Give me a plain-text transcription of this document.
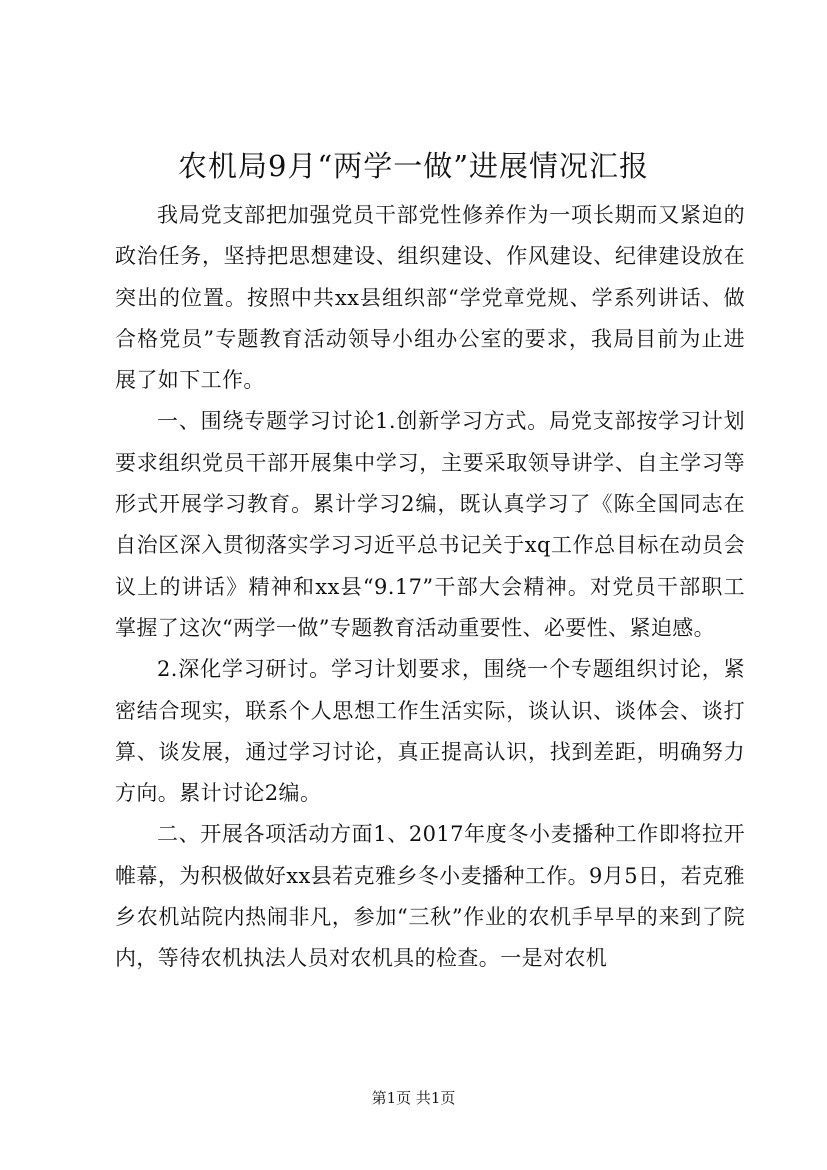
农机局9月“两学一做”进展情况汇报

我局党支部把加强党员干部党性修养作为一项长期而又紧迫的政治任务，坚持把思想建设、组织建设、作风建设、纪律建设放在突出的位置。按照中共xx县组织部“学党章党规、学系列讲话、做合格党员”专题教育活动领导小组办公室的要求，我局目前为止进展了如下工作。

一、围绕专题学习讨论1.创新学习方式。局党支部按学习计划要求组织党员干部开展集中学习，主要采取领导讲学、自主学习等形式开展学习教育。累计学习2编，既认真学习了《陈全国同志在自治区深入贯彻落实学习习近平总书记关于xq工作总目标在动员会议上的讲话》精神和xx县“9.17”干部大会精神。对党员干部职工掌握了这次“两学一做”专题教育活动重要性、必要性、紧迫感。

2.深化学习研讨。学习计划要求，围绕一个专题组织讨论，紧密结合现实，联系个人思想工作生活实际，谈认识、谈体会、谈打算、谈发展，通过学习讨论，真正提高认识，找到差距，明确努力方向。累计讨论2编。

二、开展各项活动方面1、2017年度冬小麦播种工作即将拉开帷幕，为积极做好xx县若克雅乡冬小麦播种工作。9月5日，若克雅乡农机站院内热闹非凡，参加“三秋”作业的农机手早早的来到了院内，等待农机执法人员对农机具的检查。一是对农机

第1页 共1页
